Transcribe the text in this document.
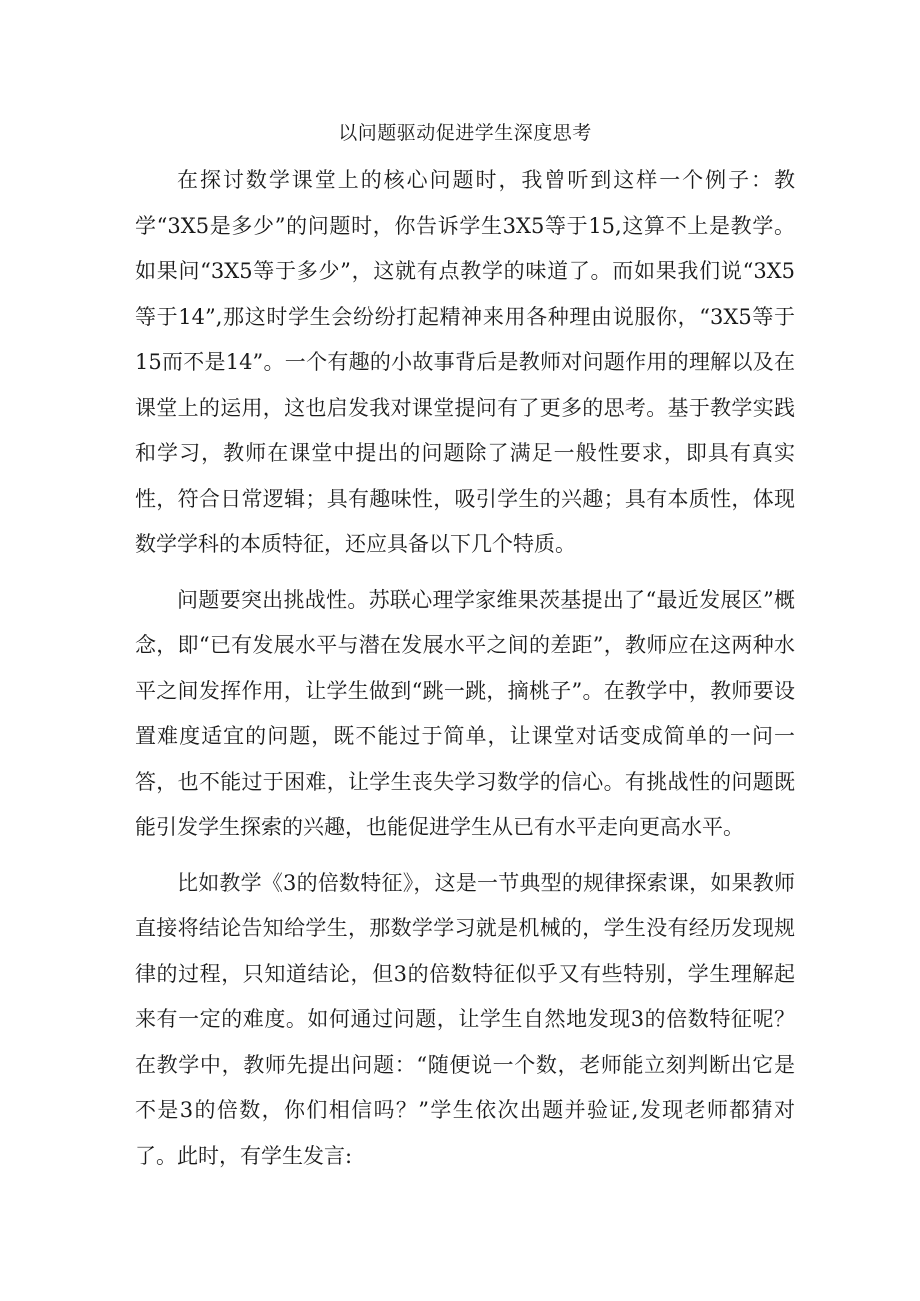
以问题驱动促进学生深度思考

在探讨数学课堂上的核心问题时，我曾听到这样一个例子：教学“3X5是多少”的问题时，你告诉学生3X5等于15,这算不上是教学。如果问“3X5等于多少”，这就有点教学的味道了。而如果我们说“3X5等于14”,那这时学生会纷纷打起精神来用各种理由说服你，“3X5等于15而不是14”。一个有趣的小故事背后是教师对问题作用的理解以及在课堂上的运用，这也启发我对课堂提问有了更多的思考。基于教学实践和学习，教师在课堂中提出的问题除了满足一般性要求，即具有真实性，符合日常逻辑；具有趣味性，吸引学生的兴趣；具有本质性，体现数学学科的本质特征，还应具备以下几个特质。

问题要突出挑战性。苏联心理学家维果茨基提出了“最近发展区”概念，即“已有发展水平与潜在发展水平之间的差距”，教师应在这两种水平之间发挥作用，让学生做到“跳一跳，摘桃子”。在教学中，教师要设置难度适宜的问题，既不能过于简单，让课堂对话变成简单的一问一答，也不能过于困难，让学生丧失学习数学的信心。有挑战性的问题既能引发学生探索的兴趣，也能促进学生从已有水平走向更高水平。

比如教学《3的倍数特征》，这是一节典型的规律探索课，如果教师直接将结论告知给学生，那数学学习就是机械的，学生没有经历发现规律的过程，只知道结论，但3的倍数特征似乎又有些特别，学生理解起来有一定的难度。如何通过问题，让学生自然地发现3的倍数特征呢？在教学中，教师先提出问题：“随便说一个数，老师能立刻判断出它是不是3的倍数，你们相信吗？”学生依次出题并验证,发现老师都猜对了。此时，有学生发言:
